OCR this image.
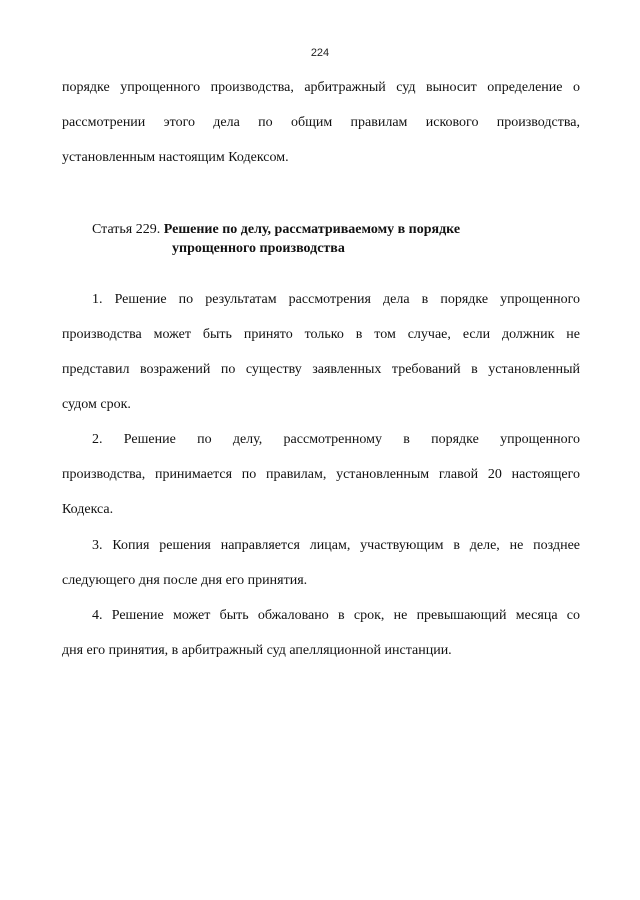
224
порядке упрощенного производства, арбитражный суд выносит определение о
рассмотрении этого дела по общим правилам искового производства,
установленным настоящим Кодексом.
Статья 229. Решение по делу, рассматриваемому в порядке
упрощенного производства
1. Решение по результатам рассмотрения дела в порядке упрощенного
производства может быть принято только в том случае, если должник не
представил возражений по существу заявленных требований в установленный
судом срок.
2. Решение по делу, рассмотренному в порядке упрощенного
производства, принимается по правилам, установленным главой 20 настоящего
Кодекса.
3. Копия решения направляется лицам, участвующим в деле, не позднее
следующего дня после дня его принятия.
4. Решение может быть обжаловано в срок, не превышающий месяца со
дня его принятия, в арбитражный суд апелляционной инстанции.
